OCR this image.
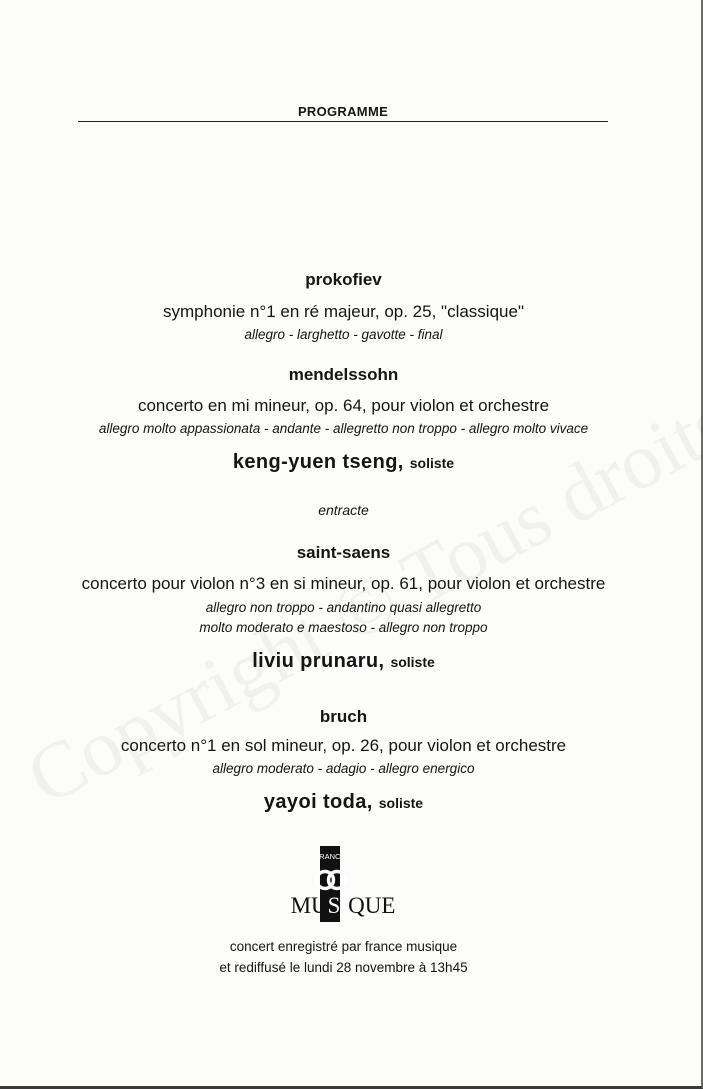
PROGRAMME
prokofiev
symphonie n°1 en ré majeur, op. 25, "classique"
allegro - larghetto - gavotte - final
mendelssohn
concerto en mi mineur, op. 64, pour violon et orchestre
allegro molto appassionata - andante - allegretto non troppo - allegro molto vivace
keng-yuen tseng, soliste
entracte
saint-saens
concerto pour violon n°3 en si mineur, op. 61, pour violon et orchestre
allegro non troppo - andantino quasi allegretto
molto moderato e maestoso - allegro non troppo
liviu prunaru, soliste
bruch
concerto n°1 en sol mineur, op. 26, pour violon et orchestre
allegro moderato - adagio - allegro energico
yayoi toda, soliste
FRANCE
MUSIQUE
concert enregistré par france musique
et rediffusé le lundi 28 novembre à 13h45
